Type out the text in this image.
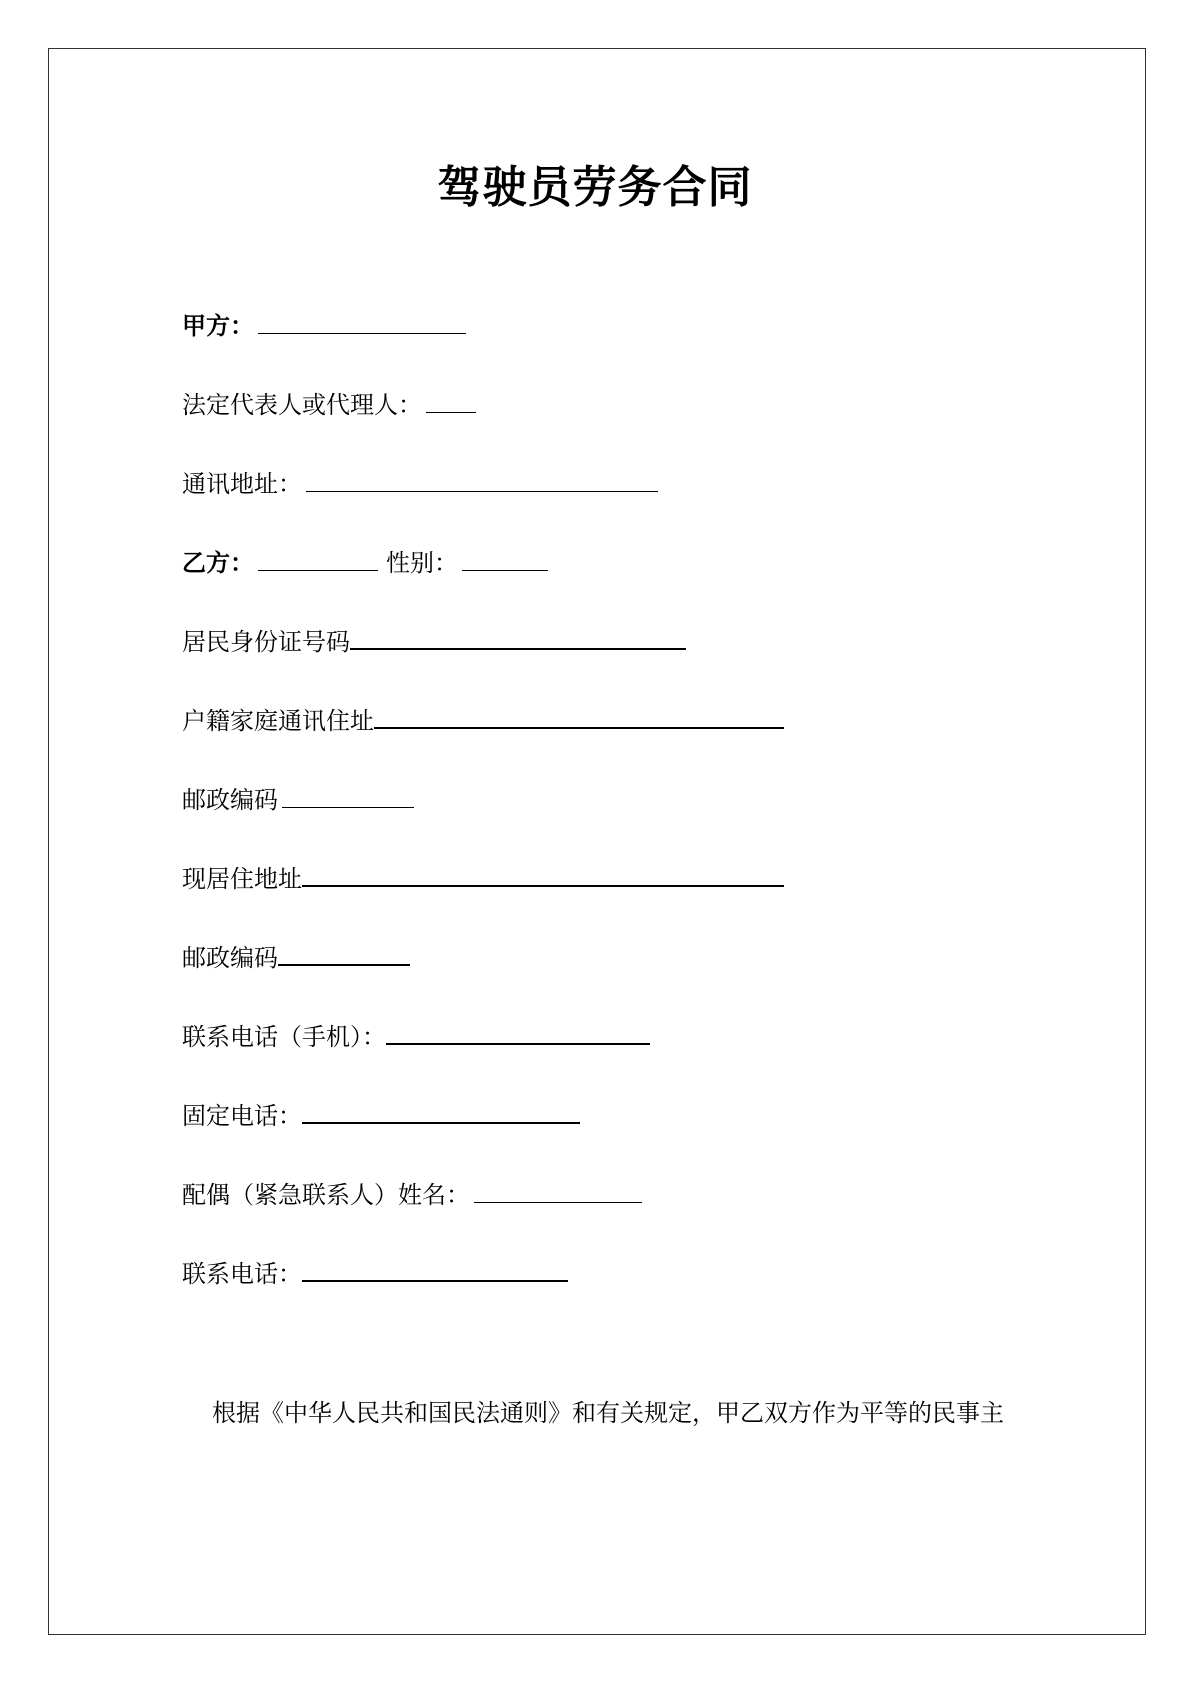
驾驶员劳务合同
甲方：
法定代表人或代理人：
通讯地址：
乙方：	性别：
居民身份证号码
户籍家庭通讯住址
邮政编码
现居住地址
邮政编码
联系电话（手机）：
固定电话：
配偶（紧急联系人）姓名：
联系电话：
根据《中华人民共和国民法通则》和有关规定，甲乙双方作为平等的民事主
